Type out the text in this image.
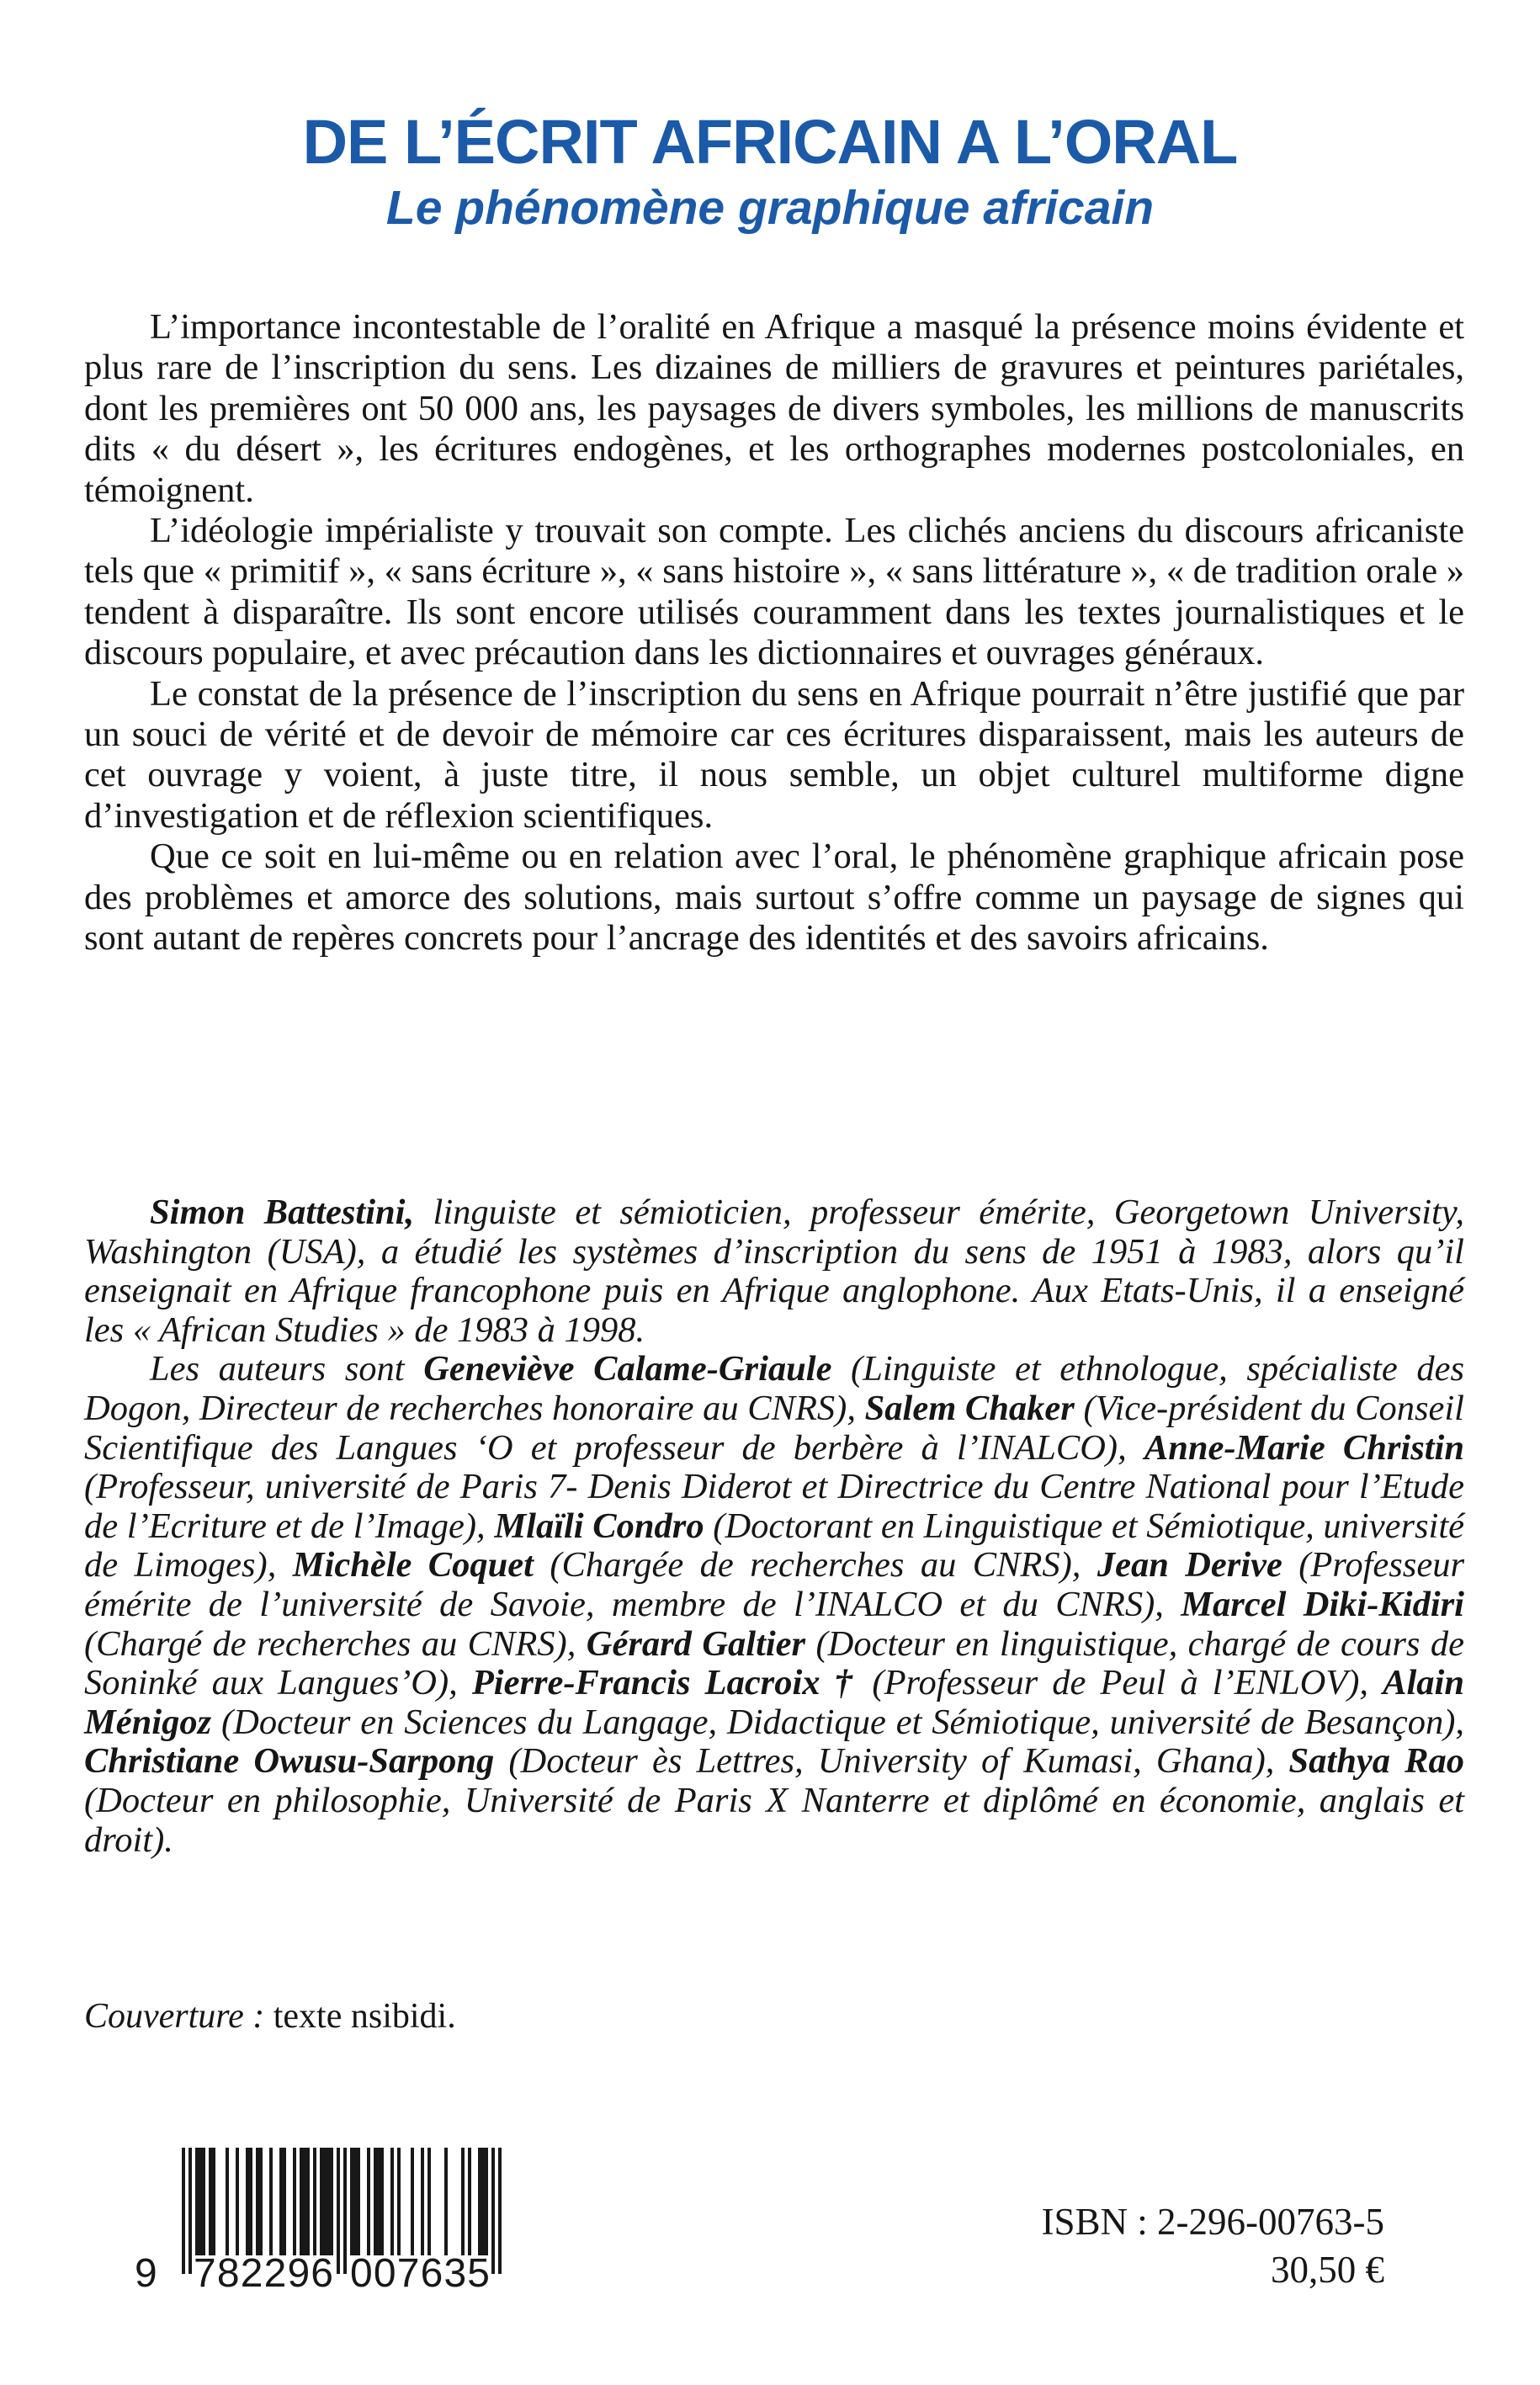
DE L’ÉCRIT AFRICAIN A L’ORAL
Le phénomène graphique africain

L’importance incontestable de l’oralité en Afrique a masqué la présence moins évidente et plus rare de l’inscription du sens. Les dizaines de milliers de gravures et peintures pariétales, dont les premières ont 50 000 ans, les paysages de divers symboles, les millions de manuscrits dits « du désert », les écritures endogènes, et les orthographes modernes postcoloniales, en témoignent.

L’idéologie impérialiste y trouvait son compte. Les clichés anciens du discours africaniste tels que « primitif », « sans écriture », « sans histoire », « sans littérature », « de tradition orale » tendent à disparaître. Ils sont encore utilisés couramment dans les textes journalistiques et le discours populaire, et avec précaution dans les dictionnaires et ouvrages généraux.

Le constat de la présence de l’inscription du sens en Afrique pourrait n’être justifié que par un souci de vérité et de devoir de mémoire car ces écritures disparaissent, mais les auteurs de cet ouvrage y voient, à juste titre, il nous semble, un objet culturel multiforme digne d’investigation et de réflexion scientifiques.

Que ce soit en lui-même ou en relation avec l’oral, le phénomène graphique africain pose des problèmes et amorce des solutions, mais surtout s’offre comme un paysage de signes qui sont autant de repères concrets pour l’ancrage des identités et des savoirs africains.

Simon Battestini, linguiste et sémioticien, professeur émérite, Georgetown University, Washington (USA), a étudié les systèmes d’inscription du sens de 1951 à 1983, alors qu’il enseignait en Afrique francophone puis en Afrique anglophone. Aux Etats-Unis, il a enseigné les « African Studies » de 1983 à 1998.

Les auteurs sont Geneviève Calame-Griaule (Linguiste et ethnologue, spécialiste des Dogon, Directeur de recherches honoraire au CNRS), Salem Chaker (Vice-président du Conseil Scientifique des Langues ‘O et professeur de berbère à l’INALCO), Anne-Marie Christin (Professeur, université de Paris 7- Denis Diderot et Directrice du Centre National pour l’Etude de l’Ecriture et de l’Image), Mlaïli Condro (Doctorant en Linguistique et Sémiotique, université de Limoges), Michèle Coquet (Chargée de recherches au CNRS), Jean Derive (Professeur émérite de l’université de Savoie, membre de l’INALCO et du CNRS), Marcel Diki-Kidiri (Chargé de recherches au CNRS), Gérard Galtier (Docteur en linguistique, chargé de cours de Soninké aux Langues’O), Pierre-Francis Lacroix † (Professeur de Peul à l’ENLOV), Alain Ménigoz (Docteur en Sciences du Langage, Didactique et Sémiotique, université de Besançon), Christiane Owusu-Sarpong (Docteur ès Lettres, University of Kumasi, Ghana), Sathya Rao (Docteur en philosophie, Université de Paris X Nanterre et diplômé en économie, anglais et droit).

Couverture : texte nsibidi.

9 7 8 2 2 9 6 0 0 7 6 3 5
ISBN : 2-296-00763-5
30,50 €
